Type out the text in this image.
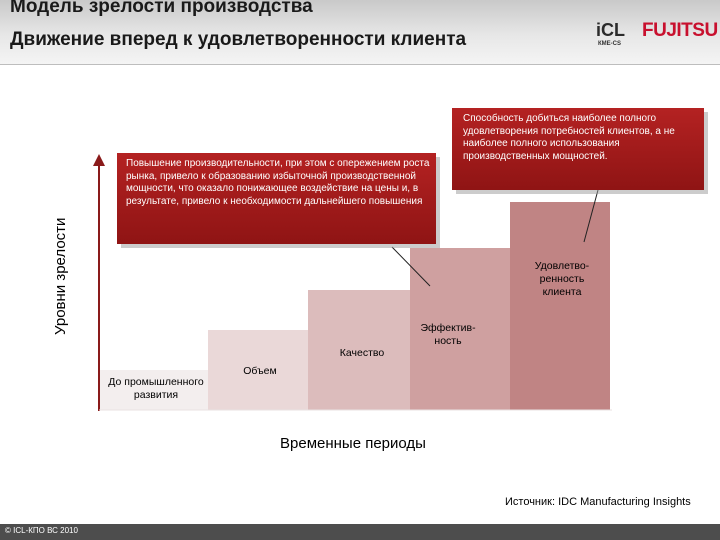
Модель зрелости производства
Движение вперед к удовлетворенности клиента	iCL
КМЕ-CS
FUJITSU
Уровни зрелости
Повышение производительности, при этом с опережением роста рынка, привело к образованию избыточной производственной мощности, что оказало понижающее воздействие на цены и, в результате, привело к необходимости дальнейшего повышения
Способность добиться наиболее полного удовлетворения потребностей клиентов, а не наиболее полного использования производственных мощностей.
До промышленного развития
Объем
Качество
Эффектив-ность
Удовлетво-ренность клиента
Временные периоды
Источник: IDC Manufacturing Insights
© ICL-КПО ВС 2010
